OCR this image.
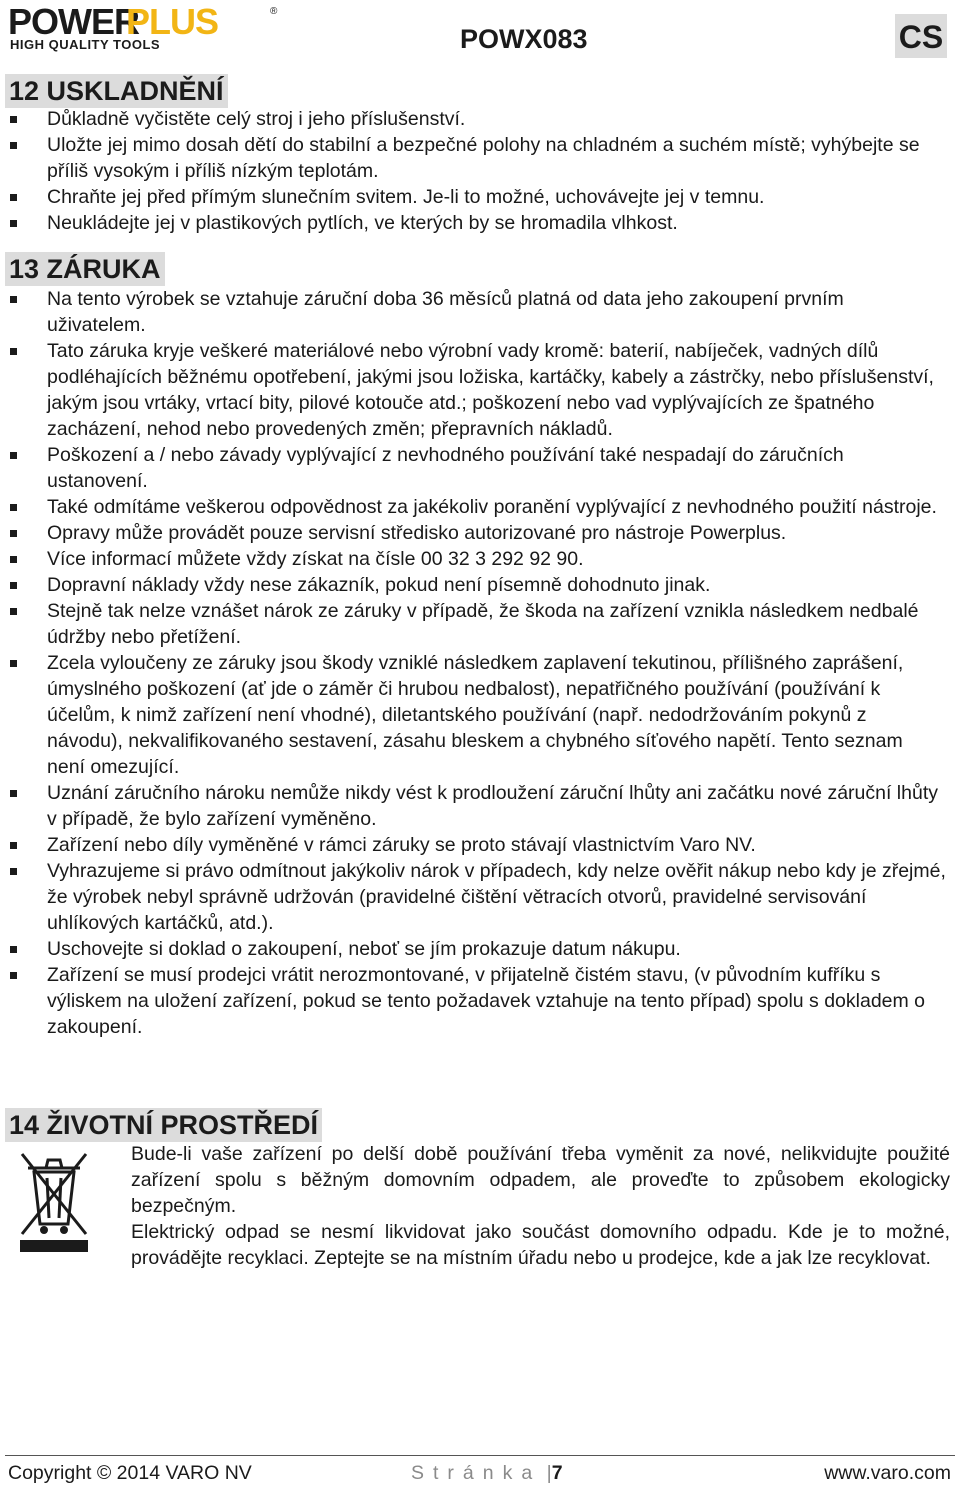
POWER
PLUS	®
HIGH QUALITY TOOLS	POWX083	CS
12 USKLADNĚNÍ
Důkladně vyčistěte celý stroj i jeho příslušenství.
Uložte jej mimo dosah dětí do stabilní a bezpečné polohy na chladném a suchém místě; vyhýbejte se příliš vysokým i příliš nízkým teplotám.
Chraňte jej před přímým slunečním svitem. Je-li to možné, uchovávejte jej v temnu.
Neukládejte jej v plastikových pytlích, ve kterých by se hromadila vlhkost.
13 ZÁRUKA
Na tento výrobek se vztahuje záruční doba 36 měsíců platná od data jeho zakoupení prvním uživatelem.
Tato záruka kryje veškeré materiálové nebo výrobní vady kromě: baterií, nabíječek, vadných dílů podléhajících běžnému opotřebení, jakými jsou ložiska, kartáčky, kabely a zástrčky, nebo příslušenství, jakým jsou vrtáky, vrtací bity, pilové kotouče atd.; poškození nebo vad vyplývajících ze špatného zacházení, nehod nebo provedených změn; přepravních nákladů.
Poškození a / nebo závady vyplývající z nevhodného používání také nespadají do záručních ustanovení.
Také odmítáme veškerou odpovědnost za jakékoliv poranění vyplývající z nevhodného použití nástroje.
Opravy může provádět pouze servisní středisko autorizované pro nástroje Powerplus.
Více informací můžete vždy získat na čísle 00 32 3 292 92 90.
Dopravní náklady vždy nese zákazník, pokud není písemně dohodnuto jinak.
Stejně tak nelze vznášet nárok ze záruky v případě, že škoda na zařízení vznikla následkem nedbalé údržby nebo přetížení.
Zcela vyloučeny ze záruky jsou škody vzniklé následkem zaplavení tekutinou, přílišného zaprášení, úmyslného poškození (ať jde o záměr či hrubou nedbalost), nepatřičného používání (používání k účelům, k nimž zařízení není vhodné), diletantského používání (např. nedodržováním pokynů z návodu), nekvalifikovaného sestavení, zásahu bleskem a chybného síťového napětí. Tento seznam není omezující.
Uznání záručního nároku nemůže nikdy vést k prodloužení záruční lhůty ani začátku nové záruční lhůty v případě, že bylo zařízení vyměněno.
Zařízení nebo díly vyměněné v rámci záruky se proto stávají vlastnictvím Varo NV.
Vyhrazujeme si právo odmítnout jakýkoliv nárok v případech, kdy nelze ověřit nákup nebo kdy je zřejmé, že výrobek nebyl správně udržován (pravidelné čištění větracích otvorů, pravidelné servisování uhlíkových kartáčků, atd.).
Uschovejte si doklad o zakoupení, neboť se jím prokazuje datum nákupu.
Zařízení se musí prodejci vrátit nerozmontované, v přijatelně čistém stavu, (v původním kufříku s výliskem na uložení zařízení, pokud se tento požadavek vztahuje na tento případ) spolu s dokladem o zakoupení.
14 ŽIVOTNÍ PROSTŘEDÍ

Bude-li vaše zařízení po delší době používání třeba vyměnit za nové, nelikvidujte použité zařízení spolu s běžným domovním odpadem, ale proveďte to způsobem ekologicky bezpečným.

Elektrický odpad se nesmí likvidovat jako součást domovního odpadu. Kde je to možné, provádějte recyklaci. Zeptejte se na místním úřadu nebo u prodejce, kde a jak lze recyklovat.

Copyright © 2014 VARO NV	Stránka |7	www.varo.com
